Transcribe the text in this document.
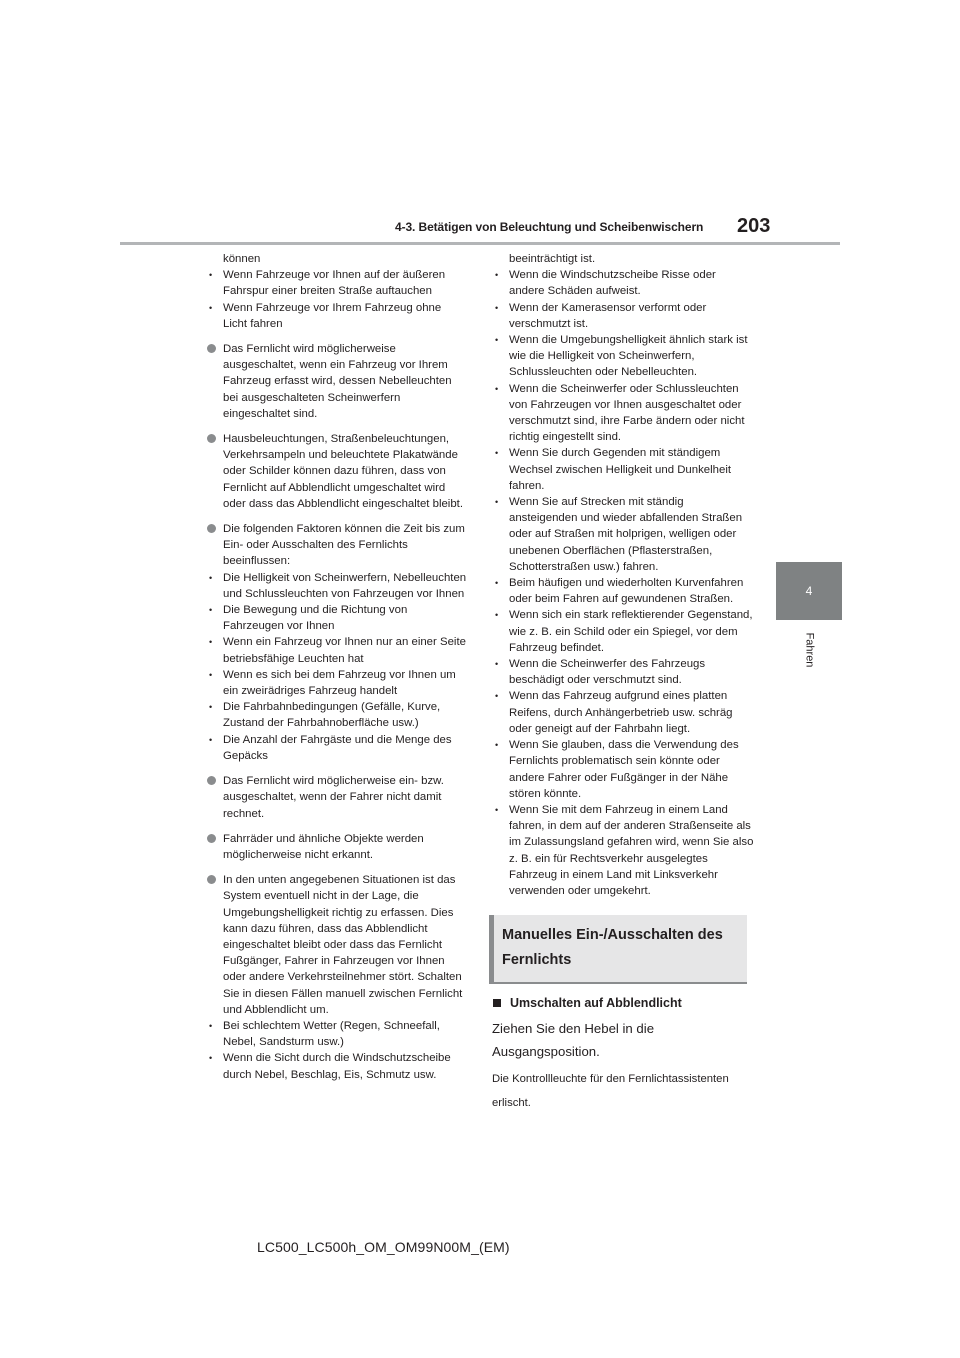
4-3. Betätigen von Beleuchtung und Scheibenwischern 203
4
Fahren
können
• Wenn Fahrzeuge vor Ihnen auf der äußeren Fahrspur einer breiten Straße auftauchen
• Wenn Fahrzeuge vor Ihrem Fahrzeug ohne Licht fahren
Das Fernlicht wird möglicherweise ausgeschaltet, wenn ein Fahrzeug vor Ihrem Fahrzeug erfasst wird, dessen Nebelleuchten bei ausgeschalteten Scheinwerfern eingeschaltet sind.
Hausbeleuchtungen, Straßenbeleuchtungen, Verkehrsampeln und beleuchtete Plakatwände oder Schilder können dazu führen, dass von Fernlicht auf Abblendlicht umgeschaltet wird oder dass das Abblendlicht eingeschaltet bleibt.
Die folgenden Faktoren können die Zeit bis zum Ein- oder Ausschalten des Fernlichts beeinflussen:
• Die Helligkeit von Scheinwerfern, Nebelleuchten und Schlussleuchten von Fahrzeugen vor Ihnen
• Die Bewegung und die Richtung von Fahrzeugen vor Ihnen
• Wenn ein Fahrzeug vor Ihnen nur an einer Seite betriebsfähige Leuchten hat
• Wenn es sich bei dem Fahrzeug vor Ihnen um ein zweirädriges Fahrzeug handelt
• Die Fahrbahnbedingungen (Gefälle, Kurve, Zustand der Fahrbahnoberfläche usw.)
• Die Anzahl der Fahrgäste und die Menge des Gepäcks
Das Fernlicht wird möglicherweise ein- bzw. ausgeschaltet, wenn der Fahrer nicht damit rechnet.
Fahrräder und ähnliche Objekte werden möglicherweise nicht erkannt.
In den unten angegebenen Situationen ist das System eventuell nicht in der Lage, die Umgebungshelligkeit richtig zu erfassen. Dies kann dazu führen, dass das Abblendlicht eingeschaltet bleibt oder dass das Fernlicht Fußgänger, Fahrer in Fahrzeugen vor Ihnen oder andere Verkehrsteilnehmer stört. Schalten Sie in diesen Fällen manuell zwischen Fernlicht und Abblendlicht um.
• Bei schlechtem Wetter (Regen, Schneefall, Nebel, Sandsturm usw.)
• Wenn die Sicht durch die Windschutzscheibe durch Nebel, Beschlag, Eis, Schmutz usw.
beeinträchtigt ist.
• Wenn die Windschutzscheibe Risse oder andere Schäden aufweist.
• Wenn der Kamerasensor verformt oder verschmutzt ist.
• Wenn die Umgebungshelligkeit ähnlich stark ist wie die Helligkeit von Scheinwerfern, Schlussleuchten oder Nebelleuchten.
• Wenn die Scheinwerfer oder Schlussleuchten von Fahrzeugen vor Ihnen ausgeschaltet oder verschmutzt sind, ihre Farbe ändern oder nicht richtig eingestellt sind.
• Wenn Sie durch Gegenden mit ständigem Wechsel zwischen Helligkeit und Dunkelheit fahren.
• Wenn Sie auf Strecken mit ständig ansteigenden und wieder abfallenden Straßen oder auf Straßen mit holprigen, welligen oder unebenen Oberflächen (Pflasterstraßen, Schotterstraßen usw.) fahren.
• Beim häufigen und wiederholten Kurvenfahren oder beim Fahren auf gewundenen Straßen.
• Wenn sich ein stark reflektierender Gegenstand, wie z. B. ein Schild oder ein Spiegel, vor dem Fahrzeug befindet.
• Wenn die Scheinwerfer des Fahrzeugs beschädigt oder verschmutzt sind.
• Wenn das Fahrzeug aufgrund eines platten Reifens, durch Anhängerbetrieb usw. schräg oder geneigt auf der Fahrbahn liegt.
• Wenn Sie glauben, dass die Verwendung des Fernlichts problematisch sein könnte oder andere Fahrer oder Fußgänger in der Nähe stören könnte.
• Wenn Sie mit dem Fahrzeug in einem Land fahren, in dem auf der anderen Straßenseite als im Zulassungsland gefahren wird, wenn Sie also z. B. ein für Rechtsverkehr ausgelegtes Fahrzeug in einem Land mit Linksverkehr verwenden oder umgekehrt.
Manuelles Ein-/Ausschalten des Fernlichts
Umschalten auf Abblendlicht
Ziehen Sie den Hebel in die Ausgangsposition.
Die Kontrollleuchte für den Fernlichtassistenten erlischt.
LC500_LC500h_OM_OM99N00M_(EM)
